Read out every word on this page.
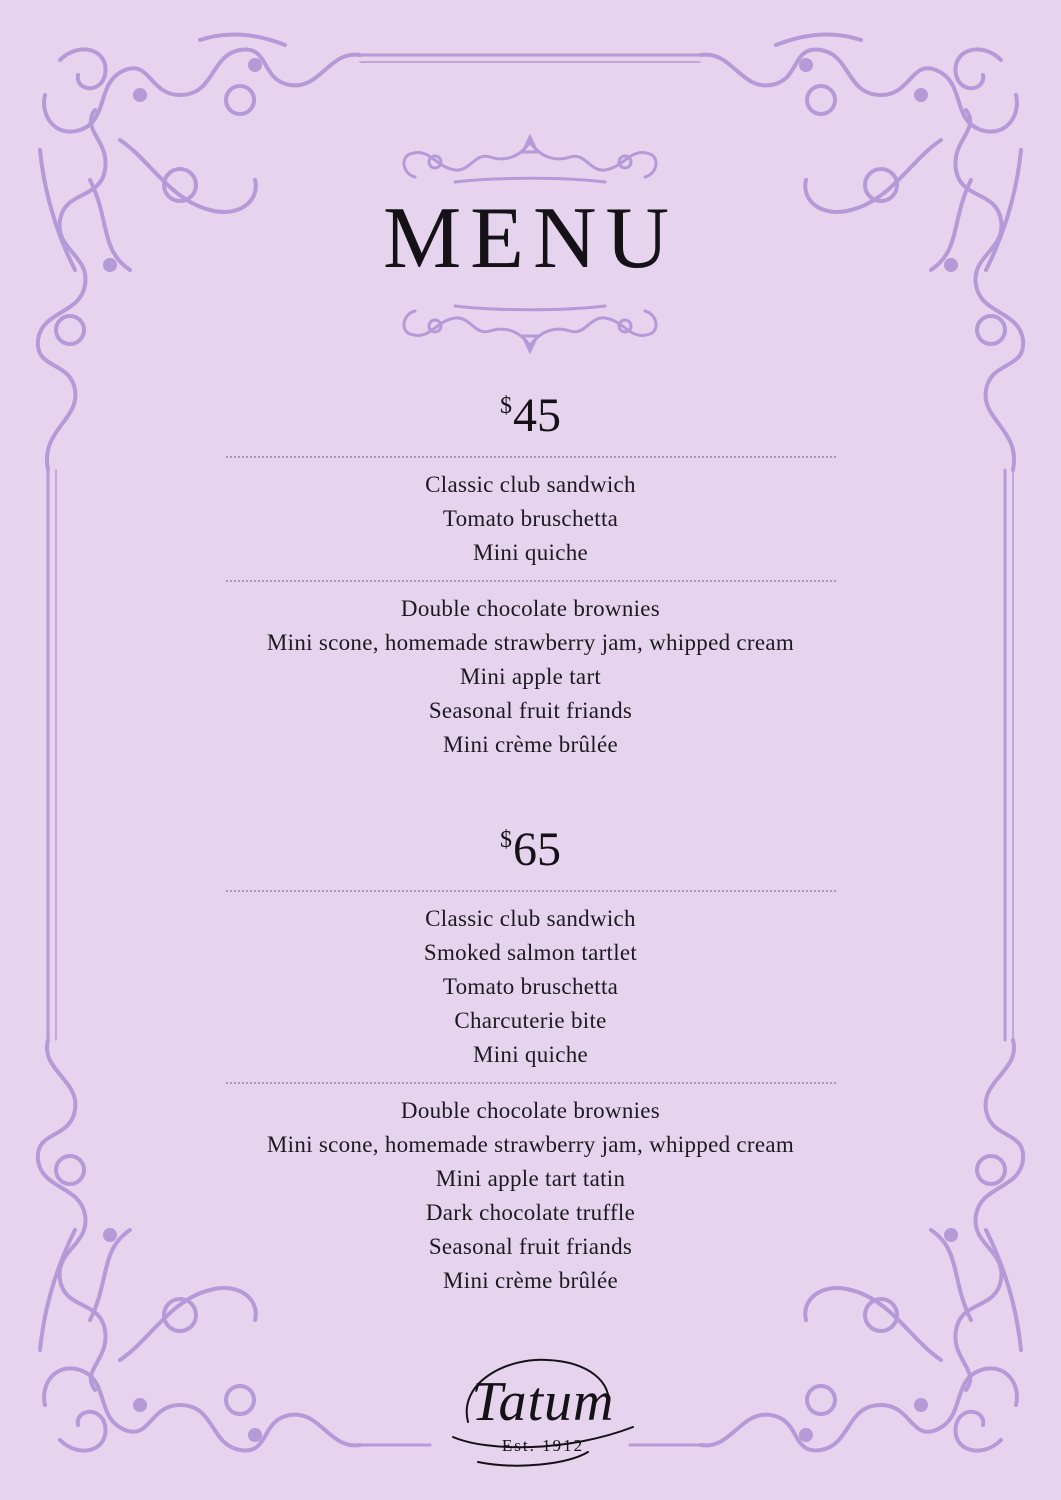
MENU
$45
Classic club sandwich
Tomato bruschetta
Mini quiche
Double chocolate brownies
Mini scone, homemade strawberry jam, whipped cream
Mini apple tart
Seasonal fruit friands
Mini crème brûlée
$65
Classic club sandwich
Smoked salmon tartlet
Tomato bruschetta
Charcuterie bite
Mini quiche
Double chocolate brownies
Mini scone, homemade strawberry jam, whipped cream
Mini apple tart tatin
Dark chocolate truffle
Seasonal fruit friands
Mini crème brûlée
Tatum
Est. 1912
